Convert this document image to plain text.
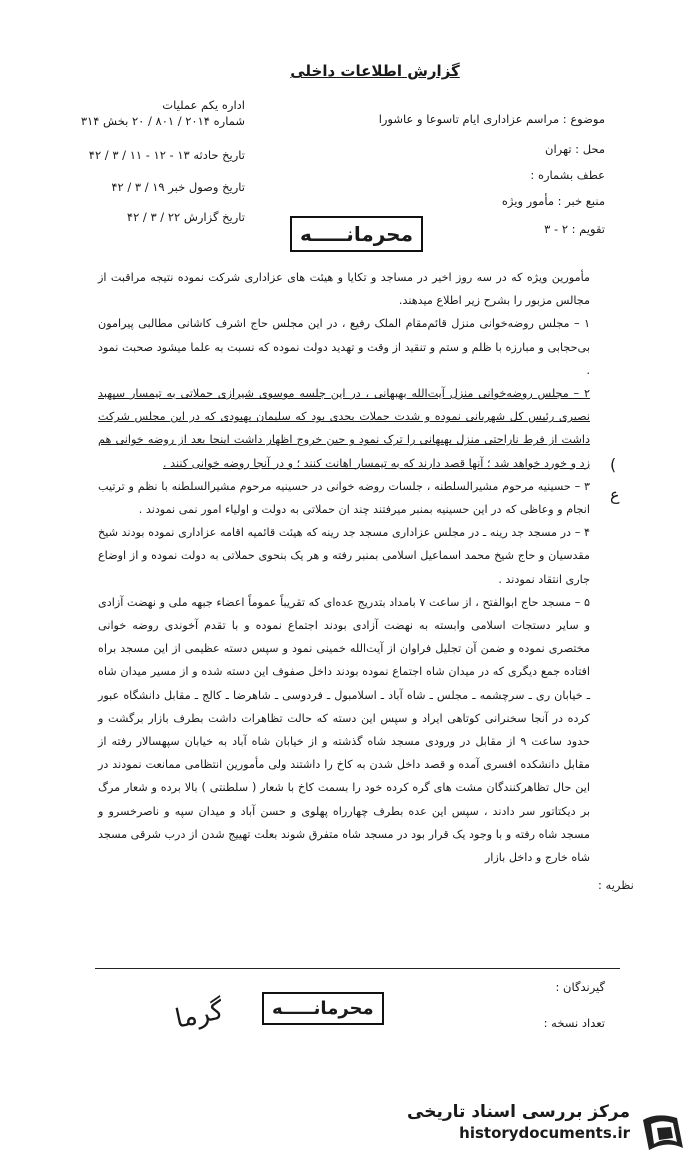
گزارش اطلاعات داخلی
موضوع : مراسم عزاداری ایام تاسوعا و عاشورا
محل : تهران
عطف بشماره :
منبع خبر : مأمور ویژه
تقویم : ۲ - ۳
اداره یکم عملیات
شماره ۲۰۱۴ / ۸۰۱ / ۲۰ بخش ۳۱۴
تاریخ حادثه ۱۳ - ۱۲ - ۱۱ / ۳ / ۴۲
تاریخ وصول خبر ۱۹ / ۳ / ۴۲
تاریخ گزارش ۲۲ / ۳ / ۴۲
محرمانـــــه

مأمورین ویژه که در سه روز اخیر در مساجد و تکایا و هیئت های عزاداری شرکت نموده نتیجه مراقبت از مجالس مزبور را بشرح زیر اطلاع میدهند.

۱ – مجلس روضه‌خوانی منزل قائم‌مقام الملک رفیع ، در این مجلس حاج اشرف کاشانی مطالبی پیرامون بی‌حجابی و مبارزه با ظلم و ستم و تنقید از وقت و تهدید دولت نموده که نسبت به علما میشود صحبت نمود .

۲ – مجلس روضه‌خوانی منزل آیت‌الله بهبهانی ، در این جلسه موسوی شیرازی حملاتی به تیمسار سپهبد نصیری رئیس کل شهربانی نموده و شدت حملات بحدی بود که سلیمان بهبودی که در این مجلس شرکت داشت از فرط ناراحتی منزل بهبهانی را ترک نمود و حین خروج اظهار داشت اینجا بعد از روضه خوانی هم زد و خورد خواهد شد ؛ آنها قصد دارند که به تیمسار اهانت کنند ؛ و در آنجا روضه خوانی کنند .

۳ – حسینیه مرحوم مشیرالسلطنه ، جلسات روضه خوانی در حسینیه مرحوم مشیرالسلطنه با نظم و ترتیب انجام و وعاظی که در این حسینیه بمنبر میرفتند چند ان حملاتی به دولت و اولیاء امور نمی نمودند .

۴ – در مسجد جد رینه ـ در مجلس عزاداری مسجد جد رینه که هیئت قائمیه اقامه عزاداری نموده بودند شیخ مقدسیان و حاج شیخ محمد اسماعیل اسلامی بمنبر رفته و هر یک بنحوی حملاتی به دولت نموده و از اوضاع جاری انتقاد نمودند .

۵ – مسجد حاج ابوالفتح ، از ساعت ۷ بامداد بتدریج عده‌ای که تقریباً عموماً اعضاء جبهه ملی و نهضت آزادی و سایر دستجات اسلامی وابسته به نهضت آزادی بودند اجتماع نموده و با تقدم آخوندی روضه خوانی مختصری نموده و ضمن آن تجلیل فراوان از آیت‌الله خمینی نمود و سپس دسته عظیمی از این مسجد براه افتاده جمع دیگری که در میدان شاه اجتماع نموده بودند داخل صفوف این دسته شده و از مسیر میدان شاه ـ خیابان ری ـ سرچشمه ـ مجلس ـ شاه آباد ـ اسلامبول ـ فردوسی ـ شاهرضا ـ کالج ـ مقابل دانشگاه عبور کرده در آنجا سخنرانی کوتاهی ایراد و سپس این دسته که حالت تظاهرات داشت بطرف بازار برگشت و حدود ساعت ۹ از مقابل در ورودی مسجد شاه گذشته و از خیابان شاه آباد به خیابان سپهسالار رفته از مقابل دانشکده افسری آمده و قصد داخل شدن به کاخ را داشتند ولی مأمورین انتظامی ممانعت نمودند در این حال تظاهرکنندگان مشت های گره کرده خود را بسمت کاخ با شعار ( سلطنتی ) بالا برده و شعار مرگ بر دیکتاتور سر دادند ، سپس این عده بطرف چهارراه پهلوی و حسن آباد و میدان سپه و ناصرخسرو و مسجد شاه رفته و با وجود یک قرار بود در مسجد شاه متفرق شوند بعلت تهییج شدن از درب شرقی مسجد شاه خارج و داخل بازار

)
ع
نظریه :
گیرندگان :
تعداد نسخه :
محرمانـــــه
گرما
مرکز بررسی اسناد تاریخی
historydocuments.ir
